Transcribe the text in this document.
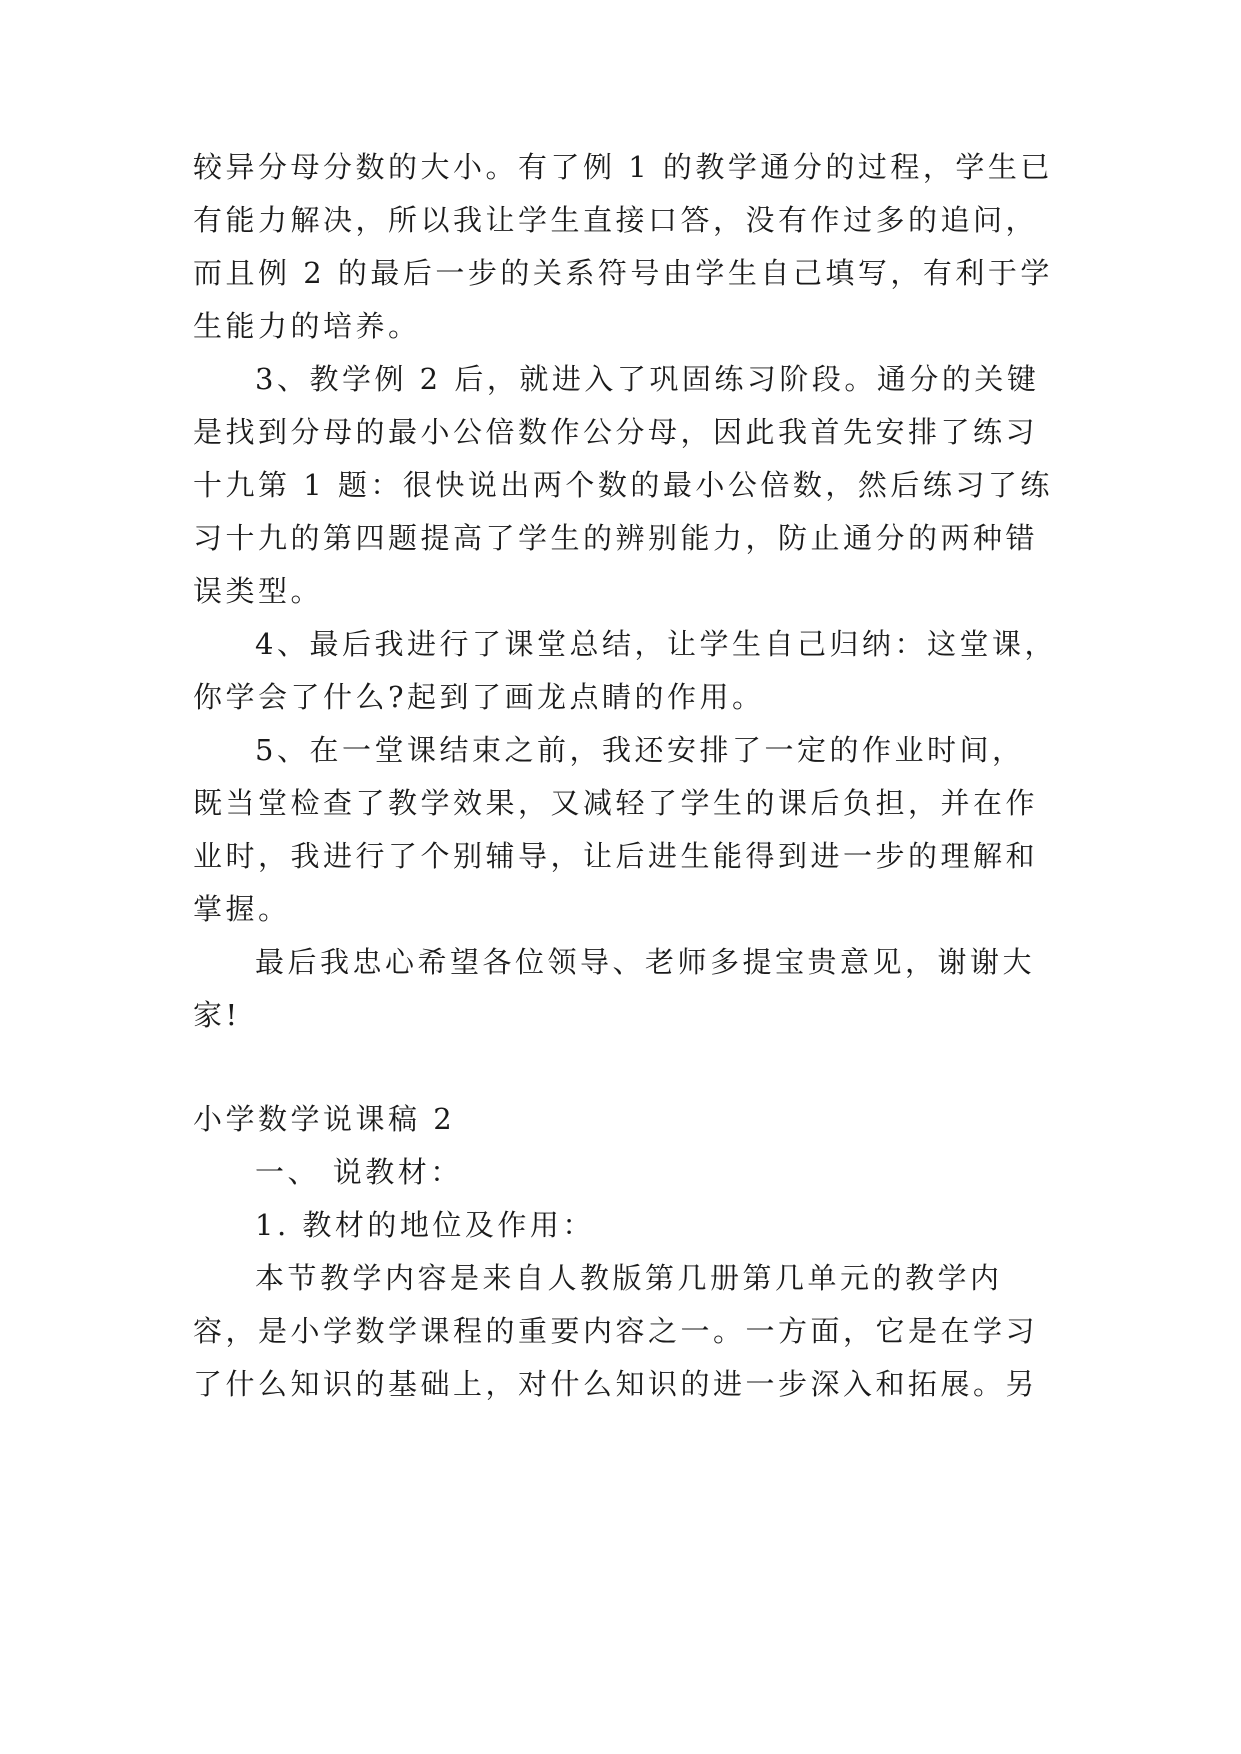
较异分母分数的大小。有了例 1 的教学通分的过程，学生已
有能力解决，所以我让学生直接口答，没有作过多的追问，
而且例 2 的最后一步的关系符号由学生自己填写，有利于学
生能力的培养。
3、教学例 2 后，就进入了巩固练习阶段。通分的关键
是找到分母的最小公倍数作公分母，因此我首先安排了练习
十九第 1 题：很快说出两个数的最小公倍数，然后练习了练
习十九的第四题提高了学生的辨别能力，防止通分的两种错
误类型。
4、最后我进行了课堂总结，让学生自己归纳：这堂课，
你学会了什么?起到了画龙点睛的作用。
5、在一堂课结束之前，我还安排了一定的作业时间，
既当堂检查了教学效果，又减轻了学生的课后负担，并在作
业时，我进行了个别辅导，让后进生能得到进一步的理解和
掌握。
最后我忠心希望各位领导、老师多提宝贵意见，谢谢大
家!
小学数学说课稿 2
一、 说教材：
1. 教材的地位及作用：
本节教学内容是来自人教版第几册第几单元的教学内
容，是小学数学课程的重要内容之一。一方面，它是在学习
了什么知识的基础上，对什么知识的进一步深入和拓展。另
